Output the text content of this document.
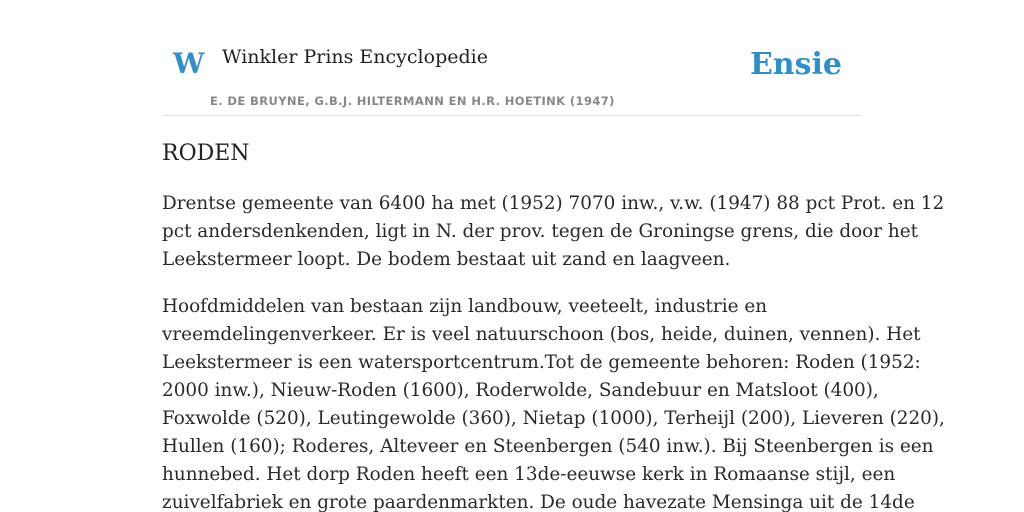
W Winkler Prins Encyclopedie
E. DE BRUYNE, G.B.J. HILTERMANN EN H.R. HOETINK (1947)
Ensie
RODEN

Drentse gemeente van 6400 ha met (1952) 7070 inw., v.w. (1947) 88 pct Prot. en 12
pct andersdenkenden, ligt in N. der prov. tegen de Groningse grens, die door het
Leekstermeer loopt. De bodem bestaat uit zand en laagveen.

Hoofdmiddelen van bestaan zijn landbouw, veeteelt, industrie en
vreemdelingenverkeer. Er is veel natuurschoon (bos, heide, duinen, vennen). Het
Leekstermeer is een watersportcentrum.Tot de gemeente behoren: Roden (1952:
2000 inw.), Nieuw-Roden (1600), Roderwolde, Sandebuur en Matsloot (400),
Foxwolde (520), Leutingewolde (360), Nietap (1000), Terheijl (200), Lieveren (220),
Hullen (160); Roderes, Alteveer en Steenbergen (540 inw.). Bij Steenbergen is een
hunnebed. Het dorp Roden heeft een 13de-eeuwse kerk in Romaanse stijl, een
zuivelfabriek en grote paardenmarkten. De oude havezate Mensinga uit de 14de
